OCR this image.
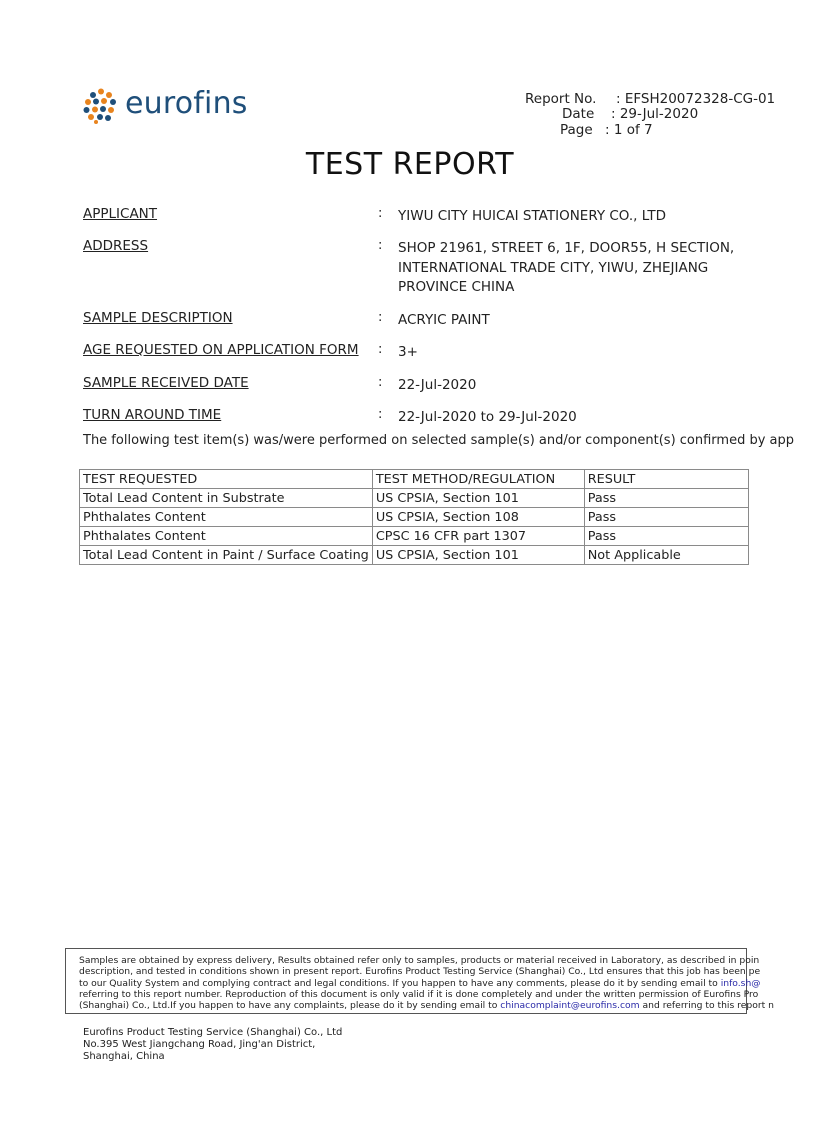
eurofins	Report No. : EFSH20072328-CG-01
Date : 29-Jul-2020
Page : 1 of 7
TEST REPORT
APPLICANT	: YIWU CITY HUICAI STATIONERY CO., LTD
ADDRESS	: SHOP 21961, STREET 6, 1F, DOOR55, H SECTION,
INTERNATIONAL TRADE CITY, YIWU, ZHEJIANG
PROVINCE CHINA
SAMPLE DESCRIPTION	: ACRYIC PAINT
AGE REQUESTED ON APPLICATION FORM : 3+
SAMPLE RECEIVED DATE	: 22-Jul-2020
TURN AROUND TIME	: 22-Jul-2020 to 29-Jul-2020
The following test item(s) was/were performed on selected sample(s) and/or component(s) confirmed by app
TEST REQUESTED	TEST METHOD/REGULATION	RESULT
Total Lead Content in Substrate	US CPSIA, Section 101	Pass
Phthalates Content	US CPSIA, Section 108	Pass
Phthalates Content	CPSC 16 CFR part 1307	Pass
Total Lead Content in Paint / Surface Coating	US CPSIA, Section 101	Not Applicable

Samples are obtained by express delivery, Results obtained refer only to samples, products or material received in Laboratory, as described in poin
description, and tested in conditions shown in present report. Eurofins Product Testing Service (Shanghai) Co., Ltd ensures that this job has been pe
to our Quality System and complying contract and legal conditions. If you happen to have any comments, please do it by sending email to info.sh@
referring to this report number. Reproduction of this document is only valid if it is done completely and under the written permission of Eurofins Pro
(Shanghai) Co., Ltd.If you happen to have any complaints, please do it by sending email to chinacomplaint@eurofins.com and referring to this report n

Eurofins Product Testing Service (Shanghai) Co., Ltd
No.395 West Jiangchang Road, Jing'an District,
Shanghai, China
